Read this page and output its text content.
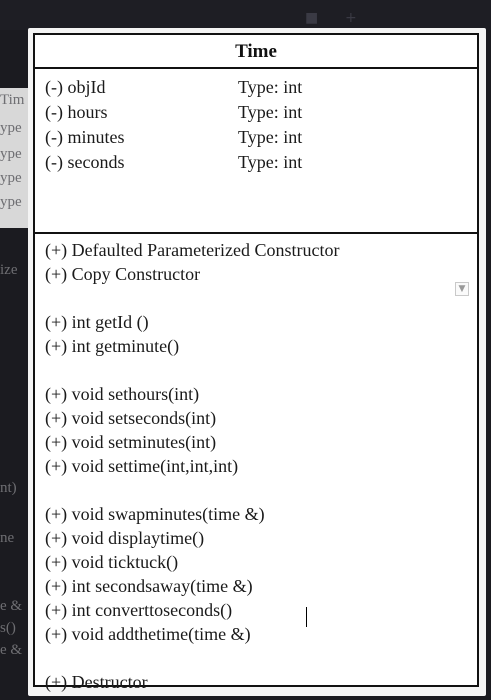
■ +
Tim
ype
ype
ype
ype
ize
nt)
ne
e &
s()
e &
Time
(-) objId	Type: int
(-) hours	Type: int
(-) minutes	Type: int
(-) seconds	Type: int
(+) Defaulted Parameterized Constructor
(+) Copy Constructor
(+) int getId ()
(+) int getminute()
(+) void sethours(int)
(+) void setseconds(int)
(+) void setminutes(int)
(+) void settime(int,int,int)
(+) void swapminutes(time &)
(+) void displaytime()
(+) void ticktuck()
(+) int secondsaway(time &)
(+) int converttoseconds()
(+) void addthetime(time &)
(+) Destructor
▼
